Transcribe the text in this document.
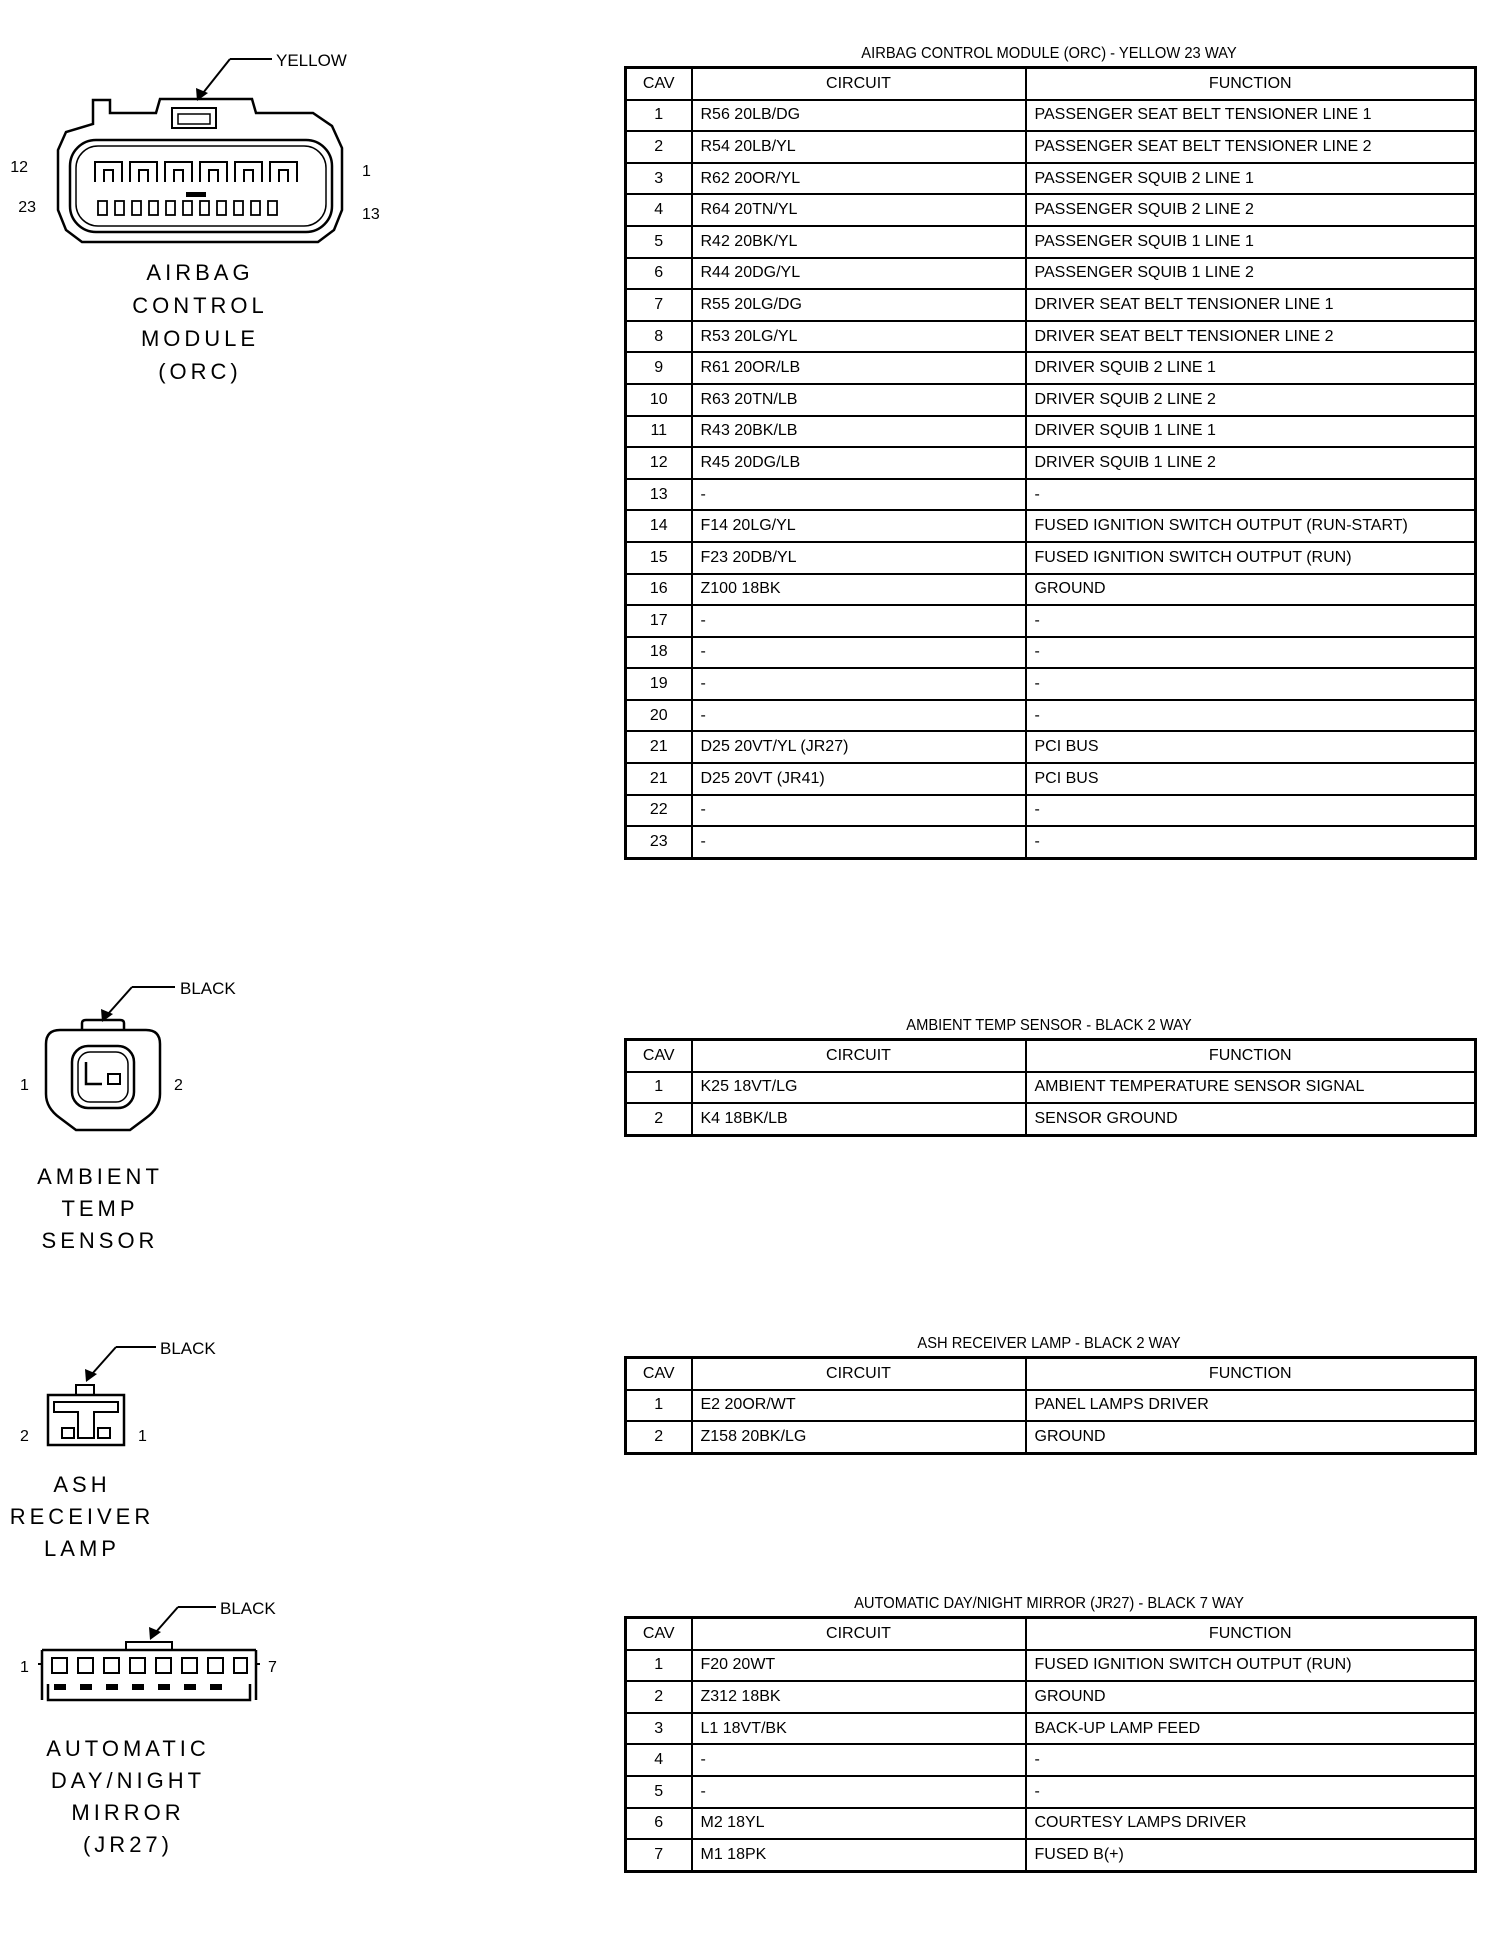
YELLOW
12
23
1
13
AIRBAG
CONTROL
MODULE
(ORC)
AIRBAG CONTROL MODULE (ORC) - YELLOW 23 WAY
CAV	CIRCUIT	FUNCTION
1	R56 20LB/DG	PASSENGER SEAT BELT TENSIONER LINE 1
2	R54 20LB/YL	PASSENGER SEAT BELT TENSIONER LINE 2
3	R62 20OR/YL	PASSENGER SQUIB 2 LINE 1
4	R64 20TN/YL	PASSENGER SQUIB 2 LINE 2
5	R42 20BK/YL	PASSENGER SQUIB 1 LINE 1
6	R44 20DG/YL	PASSENGER SQUIB 1 LINE 2
7	R55 20LG/DG	DRIVER SEAT BELT TENSIONER LINE 1
8	R53 20LG/YL	DRIVER SEAT BELT TENSIONER LINE 2
9	R61 20OR/LB	DRIVER SQUIB 2 LINE 1
10	R63 20TN/LB	DRIVER SQUIB 2 LINE 2
11	R43 20BK/LB	DRIVER SQUIB 1 LINE 1
12	R45 20DG/LB	DRIVER SQUIB 1 LINE 2
13	-	-
14	F14 20LG/YL	FUSED IGNITION SWITCH OUTPUT (RUN-START)
15	F23 20DB/YL	FUSED IGNITION SWITCH OUTPUT (RUN)
16	Z100 18BK	GROUND
17	-	-
18	-	-
19	-	-
20	-	-
21	D25 20VT/YL (JR27)	PCI BUS
21	D25 20VT (JR41)	PCI BUS
22	-	-
23	-	-
BLACK
1	2
AMBIENT
TEMP
SENSOR
AMBIENT TEMP SENSOR - BLACK 2 WAY
CAV	CIRCUIT	FUNCTION
1	K25 18VT/LG	AMBIENT TEMPERATURE SENSOR SIGNAL
2	K4 18BK/LB	SENSOR GROUND
BLACK
2	1
ASH
RECEIVER
LAMP
ASH RECEIVER LAMP - BLACK 2 WAY
CAV	CIRCUIT	FUNCTION
1	E2 20OR/WT	PANEL LAMPS DRIVER
2	Z158 20BK/LG	GROUND
BLACK
1	7
AUTOMATIC
DAY/NIGHT
MIRROR
(JR27)
AUTOMATIC DAY/NIGHT MIRROR (JR27) - BLACK 7 WAY
CAV	CIRCUIT	FUNCTION
1	F20 20WT	FUSED IGNITION SWITCH OUTPUT (RUN)
2	Z312 18BK	GROUND
3	L1 18VT/BK	BACK-UP LAMP FEED
4	-	-
5	-	-
6	M2 18YL	COURTESY LAMPS DRIVER
7	M1 18PK	FUSED B(+)
